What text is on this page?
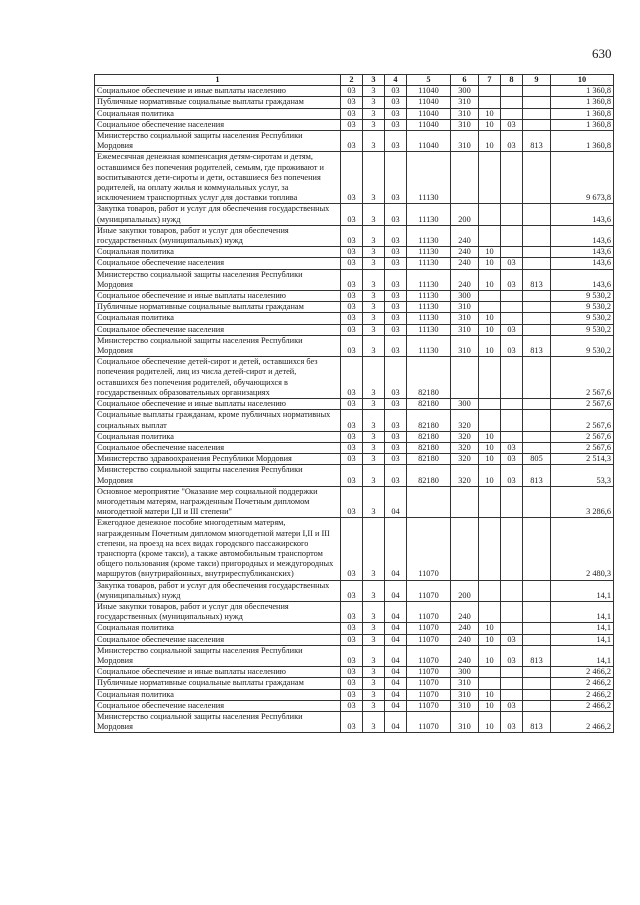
630
1	2	3	4	5	6	7	8	9	10
Социальное обеспечение и иные выплаты населению	03	3	03	11040	300				1 360,8
Публичные нормативные социальные выплаты гражданам	03	3	03	11040	310				1 360,8
Социальная политика	03	3	03	11040	310	10			1 360,8
Социальное обеспечение населения	03	3	03	11040	310	10	03		1 360,8
Министерство социальной защиты населения Республики Мордовия	03	3	03	11040	310	10	03	813	1 360,8
Ежемесячная денежная компенсация детям-сиротам и детям, оставшимся без попечения родителей, семьям, где проживают и воспитываются дети-сироты и дети, оставшиеся без попечения родителей, на оплату жилья и коммунальных услуг, за исключением транспортных услуг для доставки топлива	03	3	03	11130					9 673,8
Закупка товаров, работ и услуг для обеспечения государственных (муниципальных) нужд	03	3	03	11130	200				143,6
Иные закупки товаров, работ и услуг для обеспечения государственных (муниципальных) нужд	03	3	03	11130	240				143,6
Социальная политика	03	3	03	11130	240	10			143,6
Социальное обеспечение населения	03	3	03	11130	240	10	03		143,6
Министерство социальной защиты населения Республики Мордовия	03	3	03	11130	240	10	03	813	143,6
Социальное обеспечение и иные выплаты населению	03	3	03	11130	300				9 530,2
Публичные нормативные социальные выплаты гражданам	03	3	03	11130	310				9 530,2
Социальная политика	03	3	03	11130	310	10			9 530,2
Социальное обеспечение населения	03	3	03	11130	310	10	03		9 530,2
Министерство социальной защиты населения Республики Мордовия	03	3	03	11130	310	10	03	813	9 530,2
Социальное обеспечение детей-сирот и детей, оставшихся без попечения родителей, лиц из числа детей-сирот и детей, оставшихся без попечения родителей, обучающихся в государственных образовательных организациях	03	3	03	82180					2 567,6
Социальное обеспечение и иные выплаты населению	03	3	03	82180	300				2 567,6
Социальные выплаты гражданам, кроме публичных нормативных социальных выплат	03	3	03	82180	320				2 567,6
Социальная политика	03	3	03	82180	320	10			2 567,6
Социальное обеспечение населения	03	3	03	82180	320	10	03		2 567,6
Министерство здравоохранения Республики Мордовия	03	3	03	82180	320	10	03	805	2 514,3
Министерство социальной защиты населения Республики Мордовия	03	3	03	82180	320	10	03	813	53,3
Основное мероприятие "Оказание мер социальной поддержки многодетным матерям, награжденным Почетным дипломом многодетной матери I,II и III степени"	03	3	04						3 286,6
Ежегодное денежное пособие многодетным матерям, награжденным Почетным дипломом многодетной матери I,II и III степени, на проезд на всех видах городского пассажирского транспорта (кроме такси), а также автомобильным транспортом общего пользования (кроме такси) пригородных и междугородных маршрутов (внутрирайонных, внутриреспубликанских)	03	3	04	11070					2 480,3
Закупка товаров, работ и услуг для обеспечения государственных (муниципальных) нужд	03	3	04	11070	200				14,1
Иные закупки товаров, работ и услуг для обеспечения государственных (муниципальных) нужд	03	3	04	11070	240				14,1
Социальная политика	03	3	04	11070	240	10			14,1
Социальное обеспечение населения	03	3	04	11070	240	10	03		14,1
Министерство социальной защиты населения Республики Мордовия	03	3	04	11070	240	10	03	813	14,1
Социальное обеспечение и иные выплаты населению	03	3	04	11070	300				2 466,2
Публичные нормативные социальные выплаты гражданам	03	3	04	11070	310				2 466,2
Социальная политика	03	3	04	11070	310	10			2 466,2
Социальное обеспечение населения	03	3	04	11070	310	10	03		2 466,2
Министерство социальной защиты населения Республики Мордовия	03	3	04	11070	310	10	03	813	2 466,2
